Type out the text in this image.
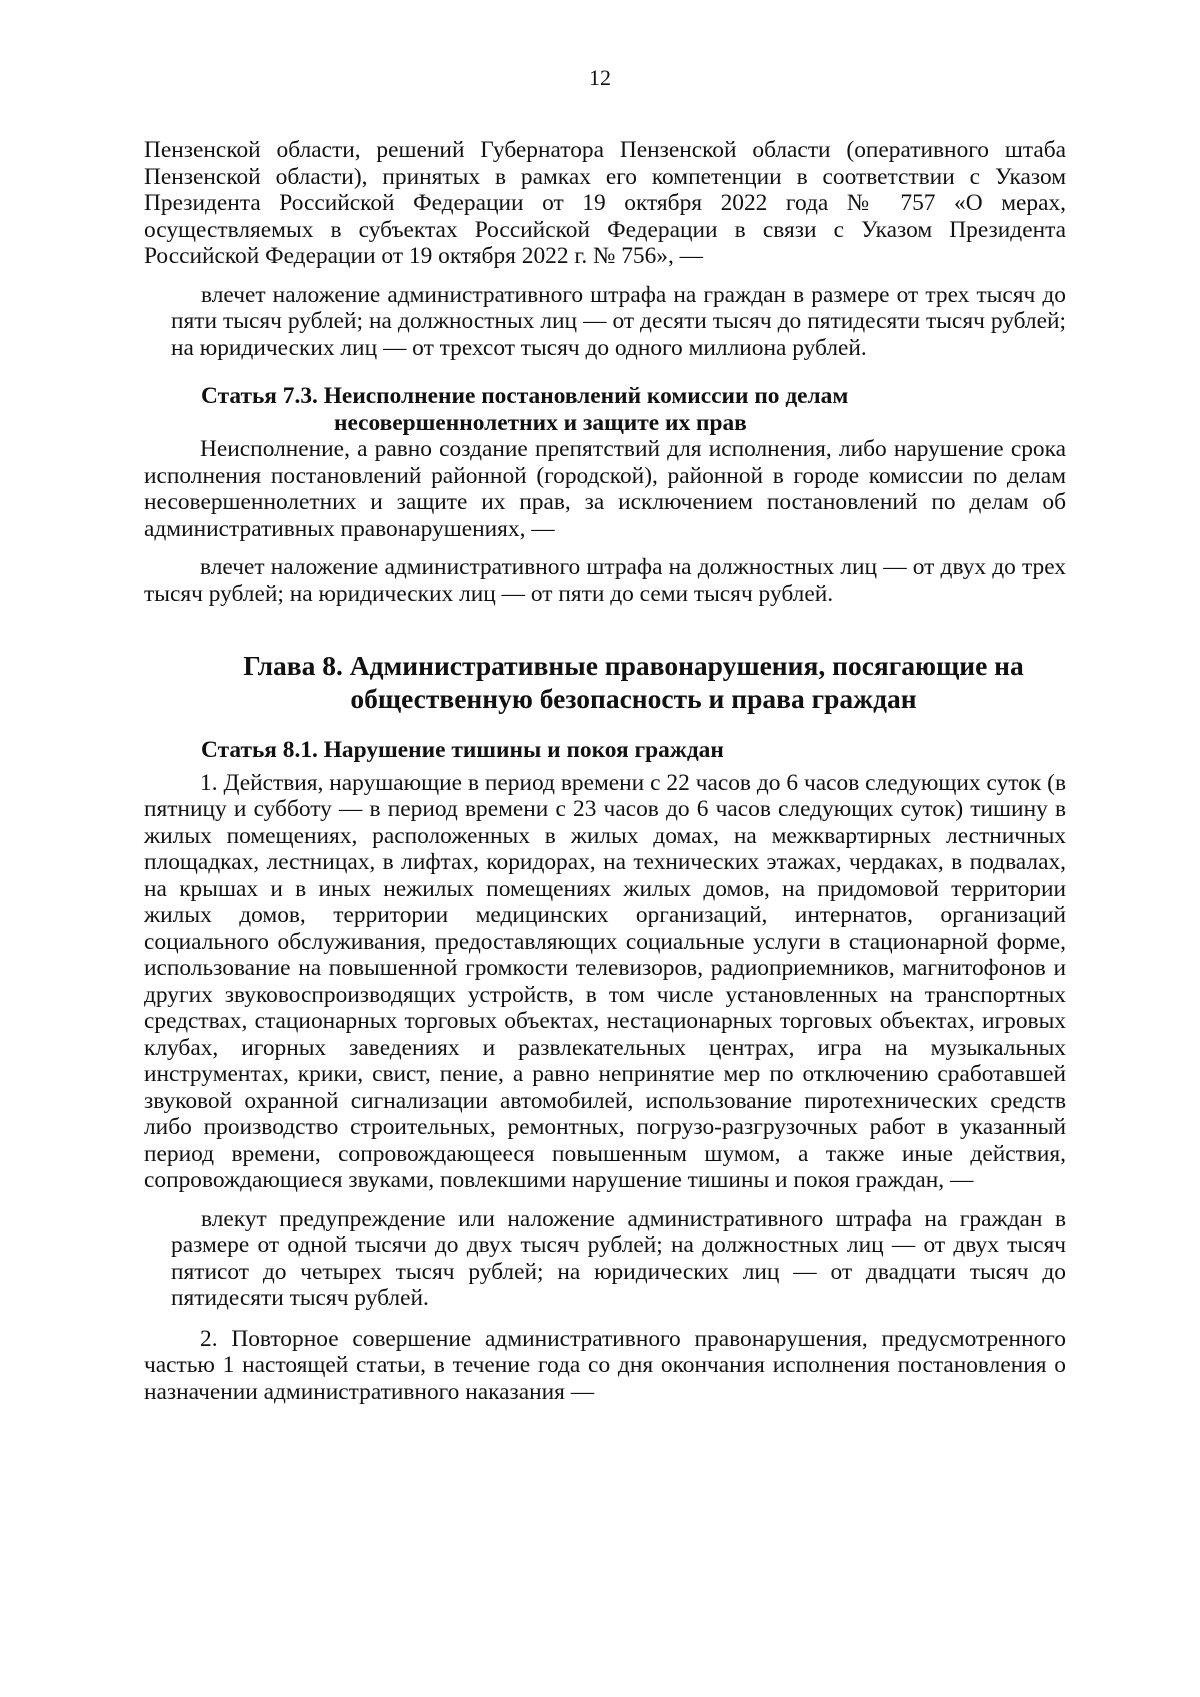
12

Пензенской области, решений Губернатора Пензенской области (оперативного штаба Пензенской области), принятых в рамках его компетенции в соответствии с Указом Президента Российской Федерации от 19 октября 2022 года № 757 «О мерах, осуществляемых в субъектах Российской Федерации в связи с Указом Президента Российской Федерации от 19 октября 2022 г. № 756», —

влечет наложение административного штрафа на граждан в размере от трех тысяч до пяти тысяч рублей; на должностных лиц — от десяти тысяч до пятидесяти тысяч рублей; на юридических лиц — от трехсот тысяч до одного миллиона рублей.

Статья 7.3. Неисполнение постановлений комиссии по делам
несовершеннолетних и защите их прав

Неисполнение, а равно создание препятствий для исполнения, либо нарушение срока исполнения постановлений районной (городской), районной в городе комиссии по делам несовершеннолетних и защите их прав, за исключением постановлений по делам об административных правонарушениях, —

влечет наложение административного штрафа на должностных лиц — от двух до трех тысяч рублей; на юридических лиц — от пяти до семи тысяч рублей.

Глава 8. Административные правонарушения, посягающие на
общественную безопасность и права граждан
Статья 8.1. Нарушение тишины и покоя граждан

1. Действия, нарушающие в период времени с 22 часов до 6 часов следующих суток (в пятницу и субботу — в период времени с 23 часов до 6 часов следующих суток) тишину в жилых помещениях, расположенных в жилых домах, на межквартирных лестничных площадках, лестницах, в лифтах, коридорах, на технических этажах, чердаках, в подвалах, на крышах и в иных нежилых помещениях жилых домов, на придомовой территории жилых домов, территории медицинских организаций, интернатов, организаций социального обслуживания, предоставляющих социальные услуги в стационарной форме, использование на повышенной громкости телевизоров, радиоприемников, магнитофонов и других звуковоспроизводящих устройств, в том числе установленных на транспортных средствах, стационарных торговых объектах, нестационарных торговых объектах, игровых клубах, игорных заведениях и развлекательных центрах, игра на музыкальных инструментах, крики, свист, пение, а равно непринятие мер по отключению сработавшей звуковой охранной сигнализации автомобилей, использование пиротехнических средств либо производство строительных, ремонтных, погрузо-разгрузочных работ в указанный период времени, сопровождающееся повышенным шумом, а также иные действия, сопровождающиеся звуками, повлекшими нарушение тишины и покоя граждан, —

влекут предупреждение или наложение административного штрафа на граждан в размере от одной тысячи до двух тысяч рублей; на должностных лиц — от двух тысяч пятисот до четырех тысяч рублей; на юридических лиц — от двадцати тысяч до пятидесяти тысяч рублей.

2. Повторное совершение административного правонарушения, предусмотренного частью 1 настоящей статьи, в течение года со дня окончания исполнения постановления о назначении административного наказания —
